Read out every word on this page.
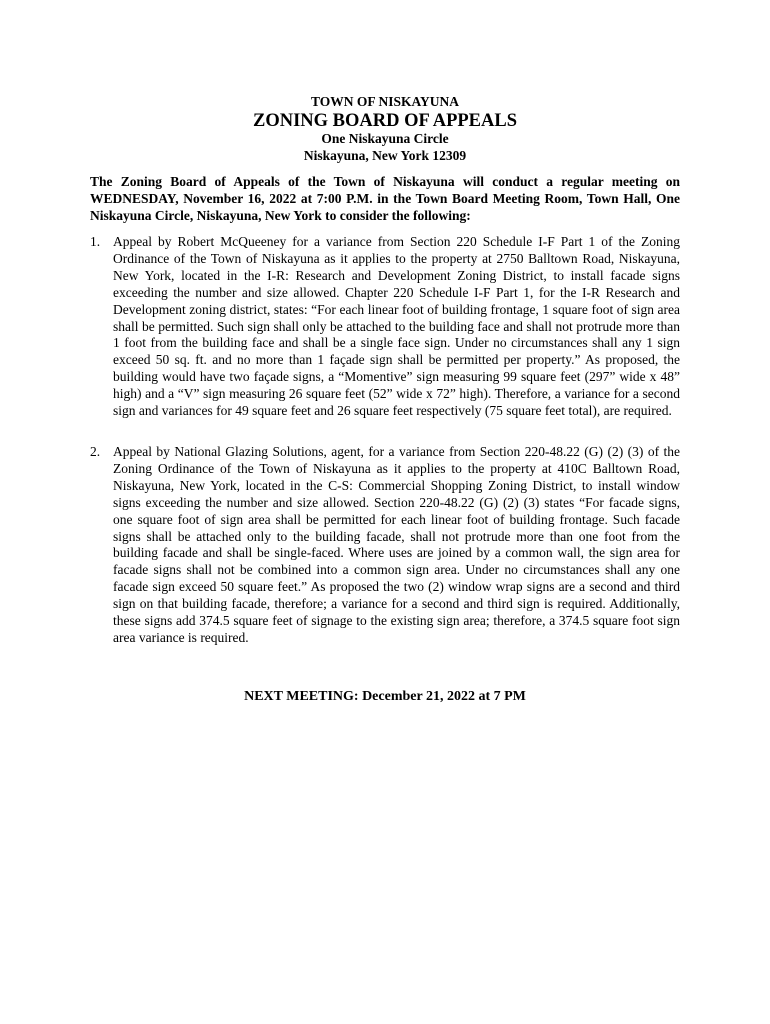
TOWN OF NISKAYUNA
ZONING BOARD OF APPEALS
One Niskayuna Circle
Niskayuna, New York 12309

The Zoning Board of Appeals of the Town of Niskayuna will conduct a regular meeting on WEDNESDAY, November 16, 2022 at 7:00 P.M. in the Town Board Meeting Room, Town Hall, One Niskayuna Circle, Niskayuna, New York to consider the following:

1. Appeal by Robert McQueeney for a variance from Section 220 Schedule I-F Part 1 of the Zoning Ordinance of the Town of Niskayuna as it applies to the property at 2750 Balltown Road, Niskayuna, New York, located in the I-R: Research and Development Zoning District, to install facade signs exceeding the number and size allowed. Chapter 220 Schedule I-F Part 1, for the I-R Research and Development zoning district, states: “For each linear foot of building frontage, 1 square foot of sign area shall be permitted. Such sign shall only be attached to the building face and shall not protrude more than 1 foot from the building face and shall be a single face sign. Under no circumstances shall any 1 sign exceed 50 sq. ft. and no more than 1 façade sign shall be permitted per property.” As proposed, the building would have two façade signs, a “Momentive” sign measuring 99 square feet (297” wide x 48” high) and a “V” sign measuring 26 square feet (52” wide x 72” high). Therefore, a variance for a second sign and variances for 49 square feet and 26 square feet respectively (75 square feet total), are required.

2. Appeal by National Glazing Solutions, agent, for a variance from Section 220-48.22 (G) (2) (3) of the Zoning Ordinance of the Town of Niskayuna as it applies to the property at 410C Balltown Road, Niskayuna, New York, located in the C-S: Commercial Shopping Zoning District, to install window signs exceeding the number and size allowed. Section 220-48.22 (G) (2) (3) states “For facade signs, one square foot of sign area shall be permitted for each linear foot of building frontage. Such facade signs shall be attached only to the building facade, shall not protrude more than one foot from the building facade and shall be single-faced. Where uses are joined by a common wall, the sign area for facade signs shall not be combined into a common sign area. Under no circumstances shall any one facade sign exceed 50 square feet.” As proposed the two (2) window wrap signs are a second and third sign on that building facade, therefore; a variance for a second and third sign is required. Additionally, these signs add 374.5 square feet of signage to the existing sign area; therefore, a 374.5 square foot sign area variance is required.

NEXT MEETING: December 21, 2022 at 7 PM
